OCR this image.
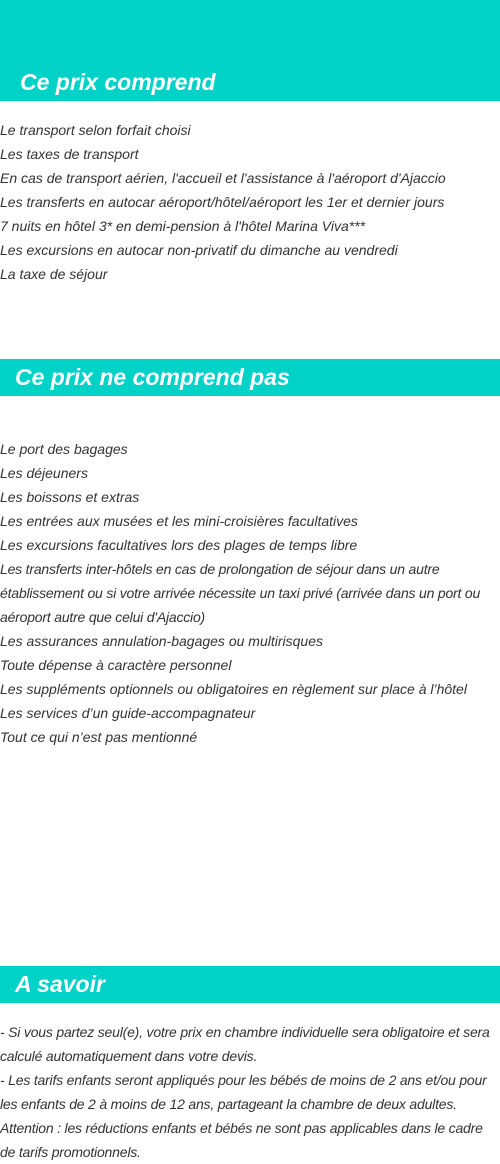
Ce prix comprend
Le transport selon forfait choisi
Les taxes de transport
En cas de transport aérien, l'accueil et l'assistance à l'aéroport d'Ajaccio
Les transferts en autocar aéroport/hôtel/aéroport les 1er et dernier jours
7 nuits en hôtel 3* en demi-pension à l'hôtel Marina Viva***
Les excursions en autocar non-privatif du dimanche au vendredi
La taxe de séjour
Ce prix ne comprend pas
Le port des bagages
Les déjeuners
Les boissons et extras
Les entrées aux musées et les mini-croisières facultatives
Les excursions facultatives lors des plages de temps libre
Les transferts inter-hôtels en cas de prolongation de séjour dans un autre établissement ou si votre arrivée nécessite un taxi privé (arrivée dans un port ou aéroport autre que celui d'Ajaccio)
Les assurances annulation-bagages ou multirisques
Toute dépense à caractère personnel
Les suppléments optionnels ou obligatoires en règlement sur place à l’hôtel
Les services d’un guide-accompagnateur
Tout ce qui n’est pas mentionné
A savoir
- Si vous partez seul(e), votre prix en chambre individuelle sera obligatoire et sera calculé automatiquement dans votre devis.
- Les tarifs enfants seront appliqués pour les bébés de moins de 2 ans et/ou pour les enfants de 2 à moins de 12 ans, partageant la chambre de deux adultes. Attention : les réductions enfants et bébés ne sont pas applicables dans le cadre de tarifs promotionnels.
